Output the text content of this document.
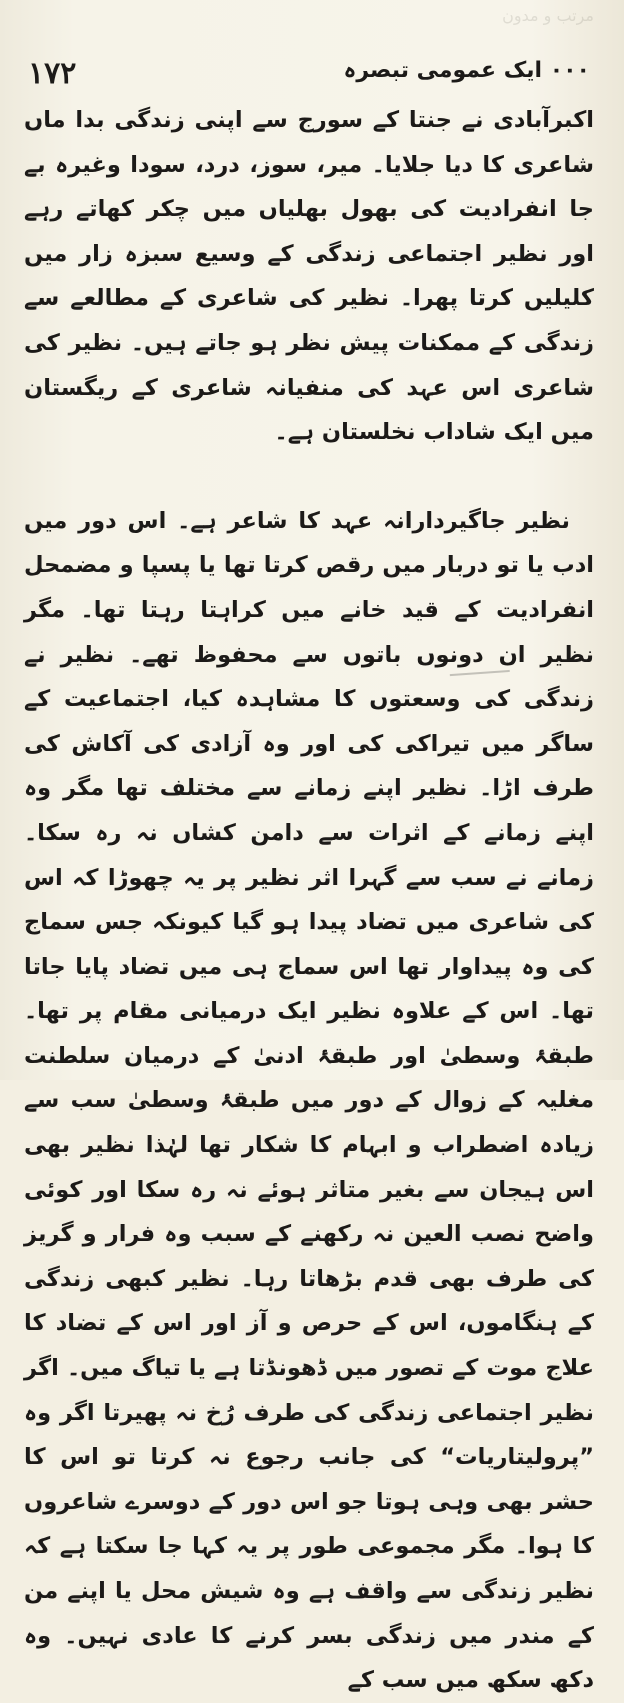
مرتب و مدون
۱۷۲	۰۰۰ ایک عمومی تبصرہ

اکبرآبادی نے جنتا کے سورج سے اپنی زندگی بدا ماں شاعری کا دیا جلایا۔ میر، سوز، درد، سودا وغیرہ بے جا انفرادیت کی بھول بھلیاں میں چکر کھاتے رہے اور نظیر اجتماعی زندگی کے وسیع سبزہ زار میں کلیلیں کرتا پھرا۔ نظیر کی شاعری کے مطالعے سے زندگی کے ممکنات پیش نظر ہو جاتے ہیں۔ نظیر کی شاعری اس عہد کی منفیانہ شاعری کے ریگستان میں ایک شاداب نخلستان ہے۔

نظیر جاگیردارانہ عہد کا شاعر ہے۔ اس دور میں ادب یا تو دربار میں رقص کرتا تھا یا پسپا و مضمحل انفرادیت کے قید خانے میں کراہتا رہتا تھا۔ مگر نظیر ان دونوں باتوں سے محفوظ تھے۔ نظیر نے زندگی کی وسعتوں کا مشاہدہ کیا، اجتماعیت کے ساگر میں تیراکی کی اور وہ آزادی کی آکاش کی طرف اڑا۔ نظیر اپنے زمانے سے مختلف تھا مگر وہ اپنے زمانے کے اثرات سے دامن کشاں نہ رہ سکا۔ زمانے نے سب سے گہرا اثر نظیر پر یہ چھوڑا کہ اس کی شاعری میں تضاد پیدا ہو گیا کیونکہ جس سماج کی وہ پیداوار تھا اس سماج ہی میں تضاد پایا جاتا تھا۔ اس کے علاوہ نظیر ایک درمیانی مقام پر تھا۔ طبقۂ وسطیٰ اور طبقۂ ادنیٰ کے درمیان سلطنت مغلیہ کے زوال کے دور میں طبقۂ وسطیٰ سب سے زیادہ اضطراب و ابہام کا شکار تھا لہٰذا نظیر بھی اس ہیجان سے بغیر متاثر ہوئے نہ رہ سکا اور کوئی واضح نصب العین نہ رکھنے کے سبب وہ فرار و گریز کی طرف بھی قدم بڑھاتا رہا۔ نظیر کبھی زندگی کے ہنگاموں، اس کے حرص و آز اور اس کے تضاد کا علاج موت کے تصور میں ڈھونڈتا ہے یا تیاگ میں۔ اگر نظیر اجتماعی زندگی کی طرف رُخ نہ پھیرتا اگر وہ ”پرولیتاریات“ کی جانب رجوع نہ کرتا تو اس کا حشر بھی وہی ہوتا جو اس دور کے دوسرے شاعروں کا ہوا۔ مگر مجموعی طور پر یہ کہا جا سکتا ہے کہ نظیر زندگی سے واقف ہے وہ شیش محل یا اپنے من کے مندر میں زندگی بسر کرنے کا عادی نہیں۔ وہ دکھ سکھ میں سب کے
